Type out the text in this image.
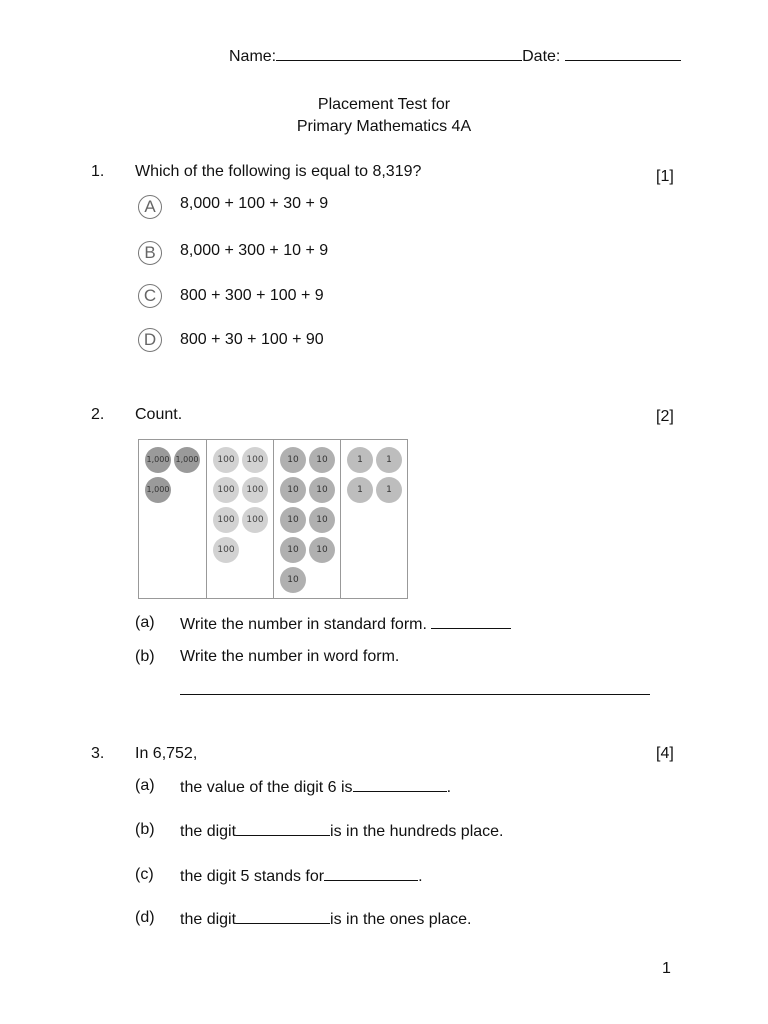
Name:	Date:
Placement Test for
Primary Mathematics 4A
1. Which of the following is equal to 8,319?	[1]
A	8,000 + 100 + 30 + 9
B	8,000 + 300 + 10 + 9
C	800 + 300 + 100 + 9
D	800 + 30 + 100 + 90
2. Count.	[2]
1,000 1,000
1,000
100	100
100	100
100	100
100
10	10
10	10
10	10
10	10
10
1	1
1	1
(a) Write the number in standard form.
(b) Write the number in word form.
3. In 6,752,	[4]
(a) the value of the digit 6 is	.
(b) the digit	is in the hundreds place.
(c) the digit 5 stands for	.
(d) the digit	is in the ones place.
1
